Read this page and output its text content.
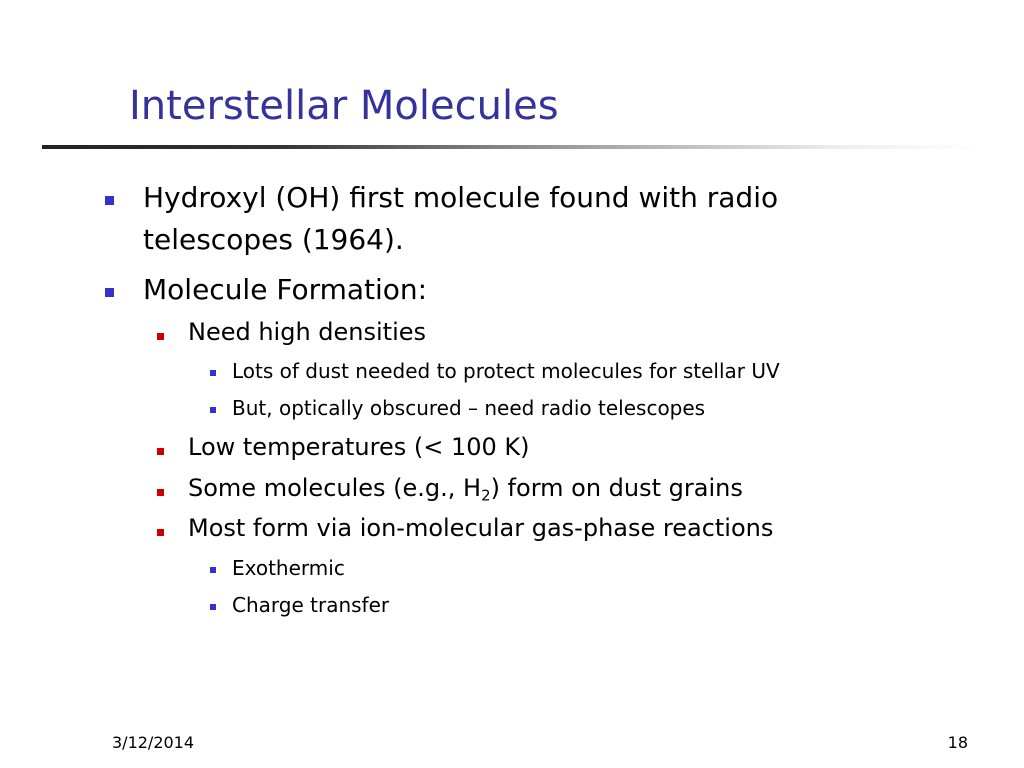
Interstellar Molecules
Hydroxyl (OH) first molecule found with radio
telescopes (1964).
Molecule Formation:
Need high densities
Lots of dust needed to protect molecules for stellar UV
But, optically obscured – need radio telescopes
Low temperatures (< 100 K)
Some molecules (e.g., $H_2$) form on dust grains
Most form via ion-molecular gas-phase reactions
Exothermic
Charge transfer
3/12/2014	18
